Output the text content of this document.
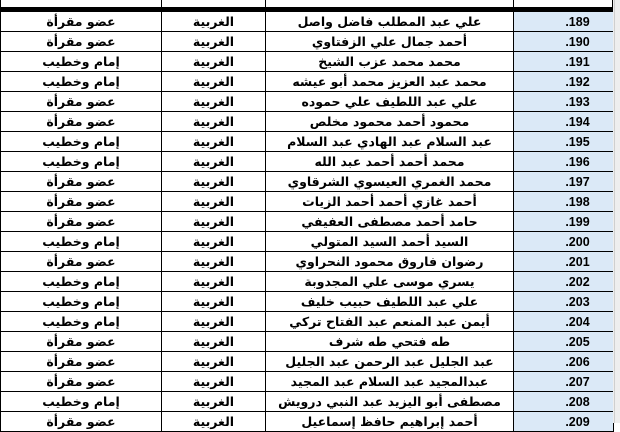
عضو مقرأة	الغربية	علي عبد المطلب فاضل واصل	.189
عضو مقرأة	الغربية	أحمد جمال علي الزفتاوي	.190
إمام وخطيب	الغربية	محمد محمد عزب الشيخ	.191
إمام وخطيب	الغربية	محمد عبد العزيز محمد أبو عيشه	.192
عضو مقرأة	الغربية	علي عبد اللطيف علي حموده	.193
عضو مقرأة	الغربية	محمود أحمد محمود مخلص	.194
إمام وخطيب	الغربية	عبد السلام عبد الهادي عبد السلام	.195
إمام وخطيب	الغربية	محمد أحمد أحمد عبد الله	.196
عضو مقرأة	الغربية	محمد الغمري العيسوي الشرقاوي	.197
عضو مقرأة	الغربية	أحمد غازي أحمد أحمد الزيات	.198
عضو مقرأة	الغربية	حامد أحمد مصطفى العفيفي	.199
إمام وخطيب	الغربية	السيد أحمد السيد المتولي	.200
عضو مقرأة	الغربية	رضوان فاروق محمود النحراوي	.201
إمام وخطيب	الغربية	يسري موسى علي المجدوبة	.202
إمام وخطيب	الغربية	علي عبد اللطيف حبيب خليف	.203
إمام وخطيب	الغربية	أيمن عبد المنعم عبد الفتاح تركي	.204
عضو مقرأة	الغربية	طه فتحي طه شرف	.205
عضو مقرأة	الغربية	عبد الجليل عبد الرحمن عبد الجليل	.206
عضو مقرأة	الغربية	عبدالمجيد عبد السلام عبد المجيد	.207
إمام وخطيب	الغربية	مصطفى أبو اليزيد عبد النبي درويش	.208
عضو مقرأة	الغربية	أحمد إبراهيم حافظ إسماعيل	.209
